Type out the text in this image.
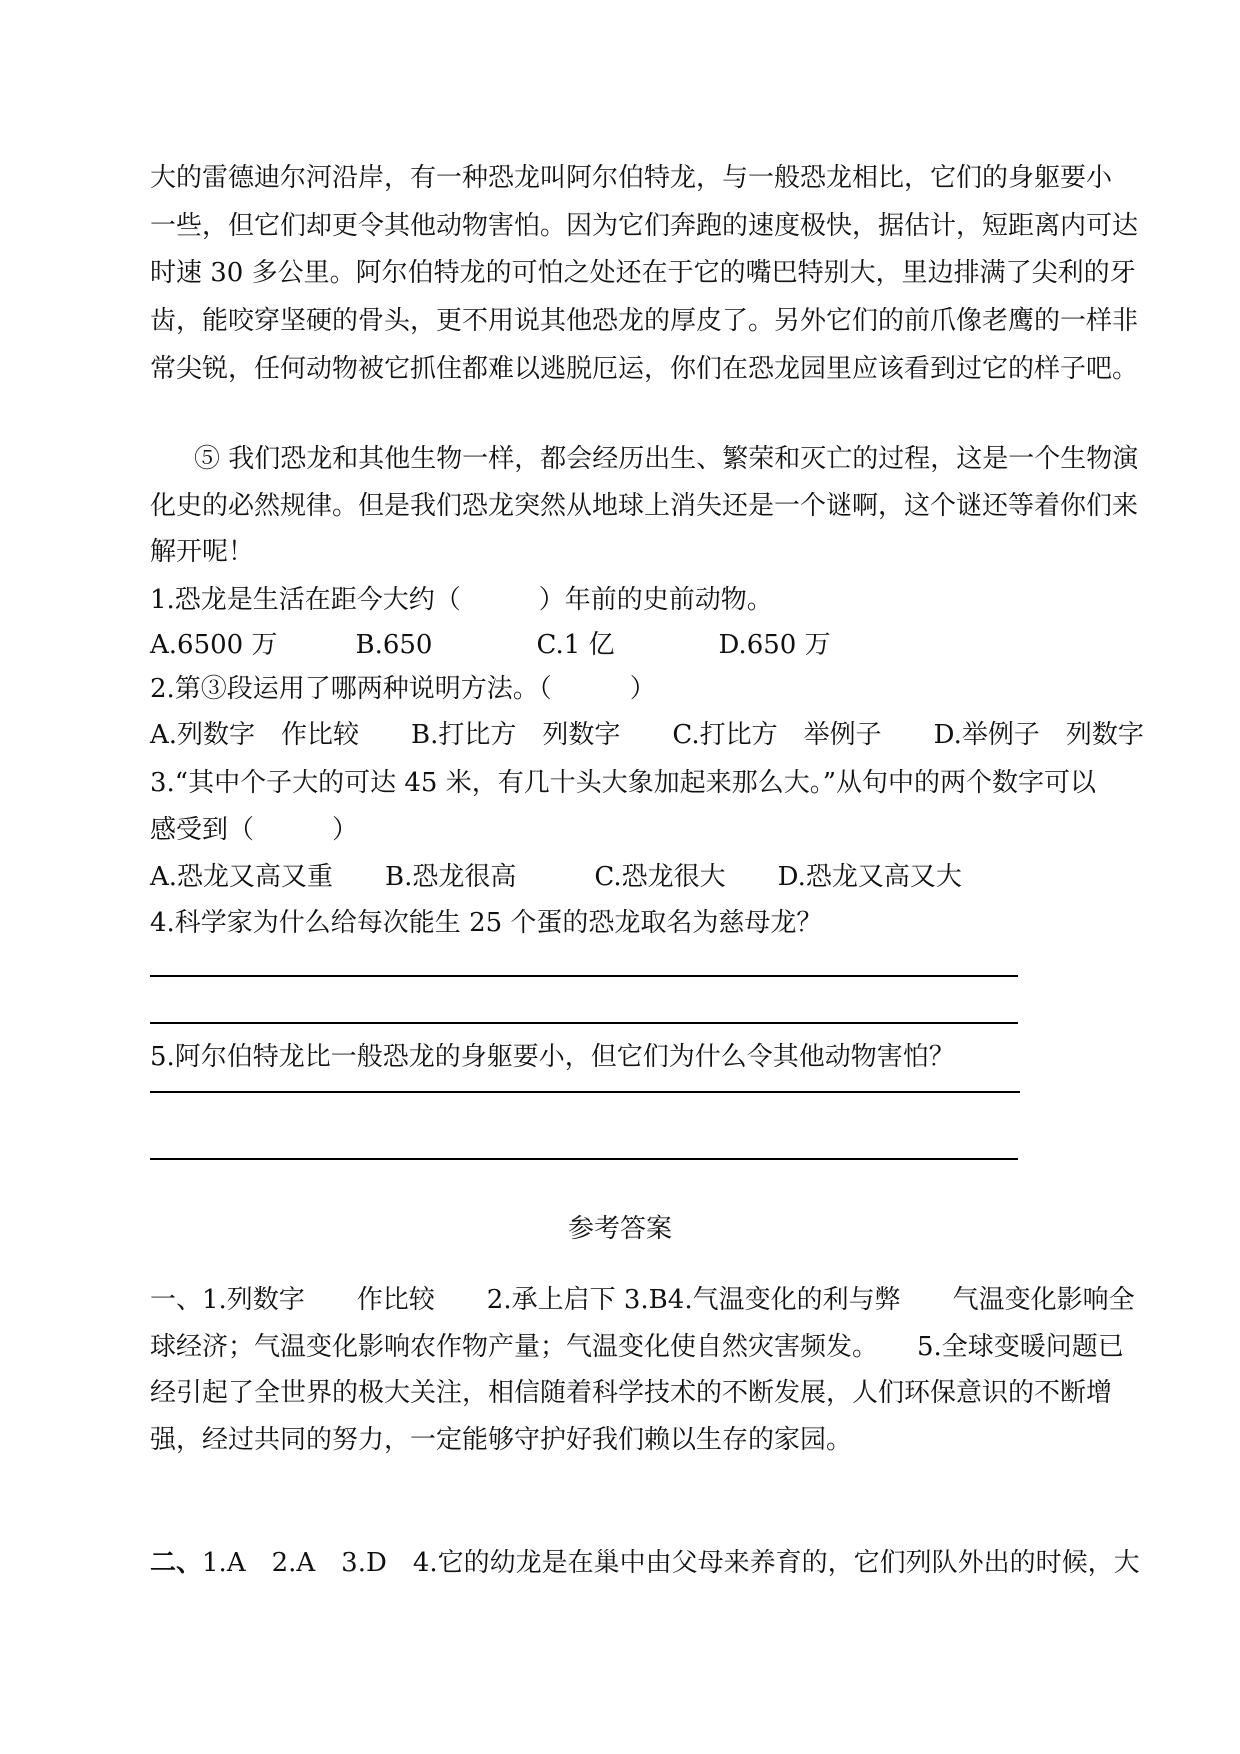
大的雷德迪尔河沿岸，有一种恐龙叫阿尔伯特龙，与一般恐龙相比，它们的身躯要小

一些，但它们却更令其他动物害怕。因为它们奔跑的速度极快，据估计，短距离内可达

时速 30 多公里。阿尔伯特龙的可怕之处还在于它的嘴巴特别大，里边排满了尖利的牙

齿，能咬穿坚硬的骨头，更不用说其他恐龙的厚皮了。另外它们的前爪像老鹰的一样非

常尖锐，任何动物被它抓住都难以逃脱厄运，你们在恐龙园里应该看到过它的样子吧。

⑤ 我们恐龙和其他生物一样，都会经历出生、繁荣和灭亡的过程，这是一个生物演

化史的必然规律。但是我们恐龙突然从地球上消失还是一个谜啊，这个谜还等着你们来

解开呢！

1.恐龙是生活在距今大约（　　　）年前的史前动物。

A.6500 万　　　B.650　　　　C.1 亿　　　　D.650 万

2.第③段运用了哪两种说明方法。（　　　）

A.列数字　作比较　　B.打比方　列数字　　C.打比方　举例子　　D.举例子　列数字

3.“其中个子大的可达 45 米，有几十头大象加起来那么大。”从句中的两个数字可以

感受到（　　　）

A.恐龙又高又重　　B.恐龙很高　　　C.恐龙很大　　D.恐龙又高又大

4.科学家为什么给每次能生 25 个蛋的恐龙取名为慈母龙？

5.阿尔伯特龙比一般恐龙的身躯要小，但它们为什么令其他动物害怕？

参考答案

一、1.列数字　　作比较　　2.承上启下 3.B4.气温变化的利与弊　　气温变化影响全

球经济；气温变化影响农作物产量；气温变化使自然灾害频发。　　5.全球变暖问题已

经引起了全世界的极大关注，相信随着科学技术的不断发展，人们环保意识的不断增

强，经过共同的努力，一定能够守护好我们赖以生存的家园。

二、1.A　2.A　3.D　4.它的幼龙是在巢中由父母来养育的，它们列队外出的时候，大
